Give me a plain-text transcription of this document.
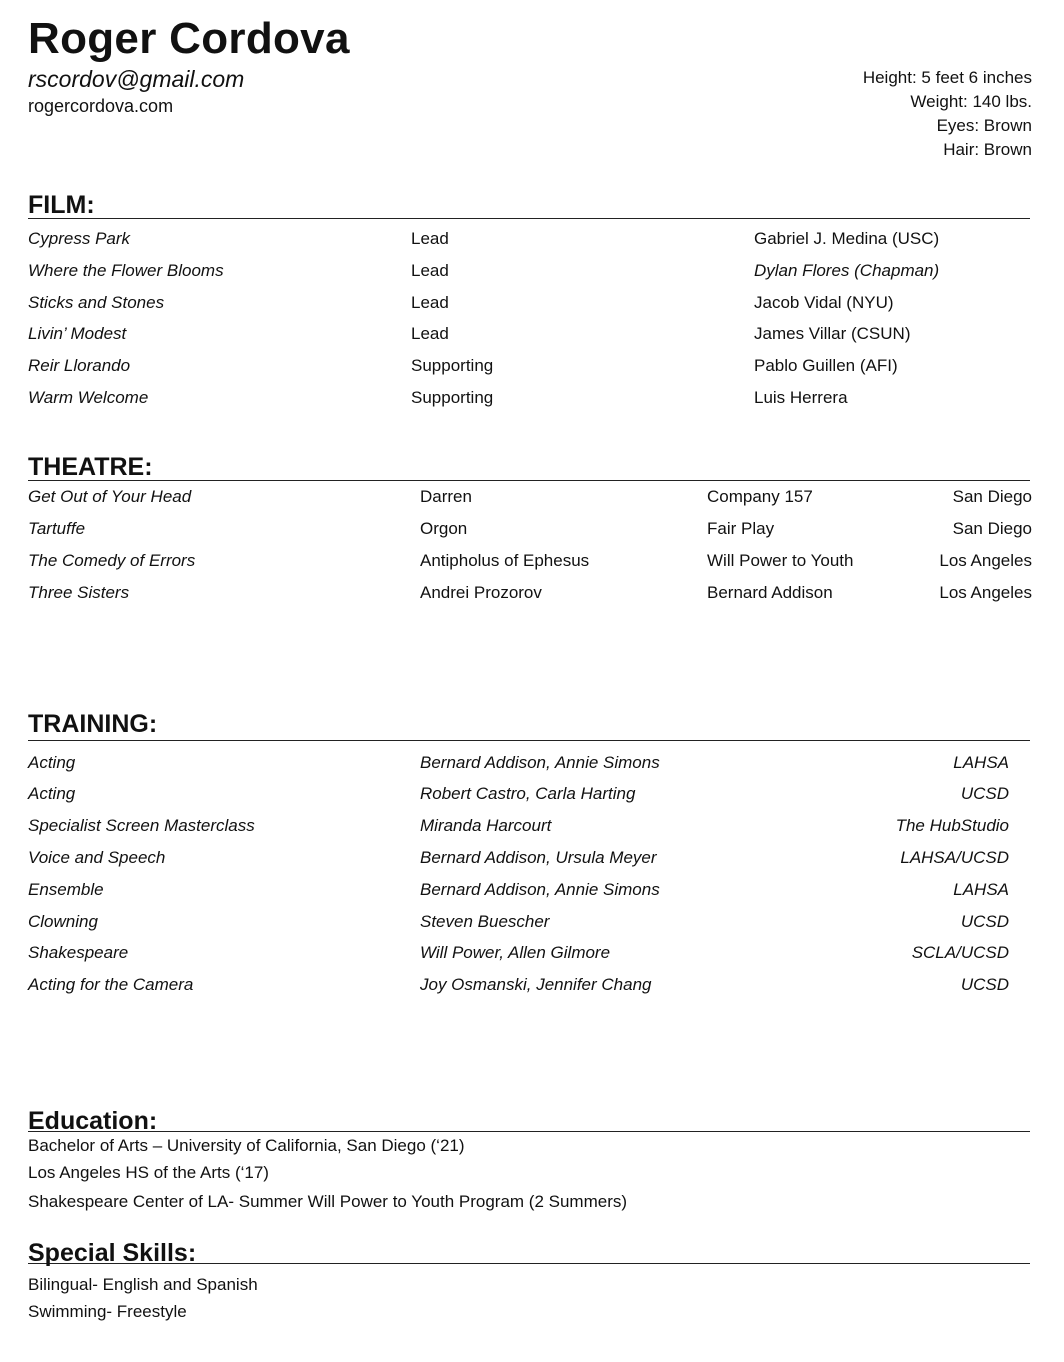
Roger Cordova
rscordov@gmail.com
rogercordova.com
Height: 5 feet 6 inches
Weight: 140 lbs.
Eyes: Brown
Hair: Brown
FILM:
Cypress Park	Lead	Gabriel J. Medina (USC)
Where the Flower Blooms	Lead	Dylan Flores (Chapman)
Sticks and Stones	Lead	Jacob Vidal (NYU)
Livin’ Modest	Lead	James Villar (CSUN)
Reir Llorando	Supporting	Pablo Guillen (AFI)
Warm Welcome	Supporting	Luis Herrera
THEATRE:
Get Out of Your Head	Darren	Company 157	San Diego
Tartuffe	Orgon	Fair Play	San Diego
The Comedy of Errors	Antipholus of Ephesus	Will Power to Youth	Los Angeles
Three Sisters	Andrei Prozorov	Bernard Addison	Los Angeles
TRAINING:
Acting	Bernard Addison, Annie Simons	LAHSA
Acting	Robert Castro, Carla Harting	UCSD
Specialist Screen Masterclass	Miranda Harcourt	The HubStudio
Voice and Speech	Bernard Addison, Ursula Meyer	LAHSA/UCSD
Ensemble	Bernard Addison, Annie Simons	LAHSA
Clowning	Steven Buescher	UCSD
Shakespeare	Will Power, Allen Gilmore	SCLA/UCSD
Acting for the Camera	Joy Osmanski, Jennifer Chang	UCSD
Education:
Bachelor of Arts – University of California, San Diego (‘21)
Los Angeles HS of the Arts (‘17)
Shakespeare Center of LA- Summer Will Power to Youth Program (2 Summers)
Special Skills:
Bilingual- English and Spanish
Swimming- Freestyle
